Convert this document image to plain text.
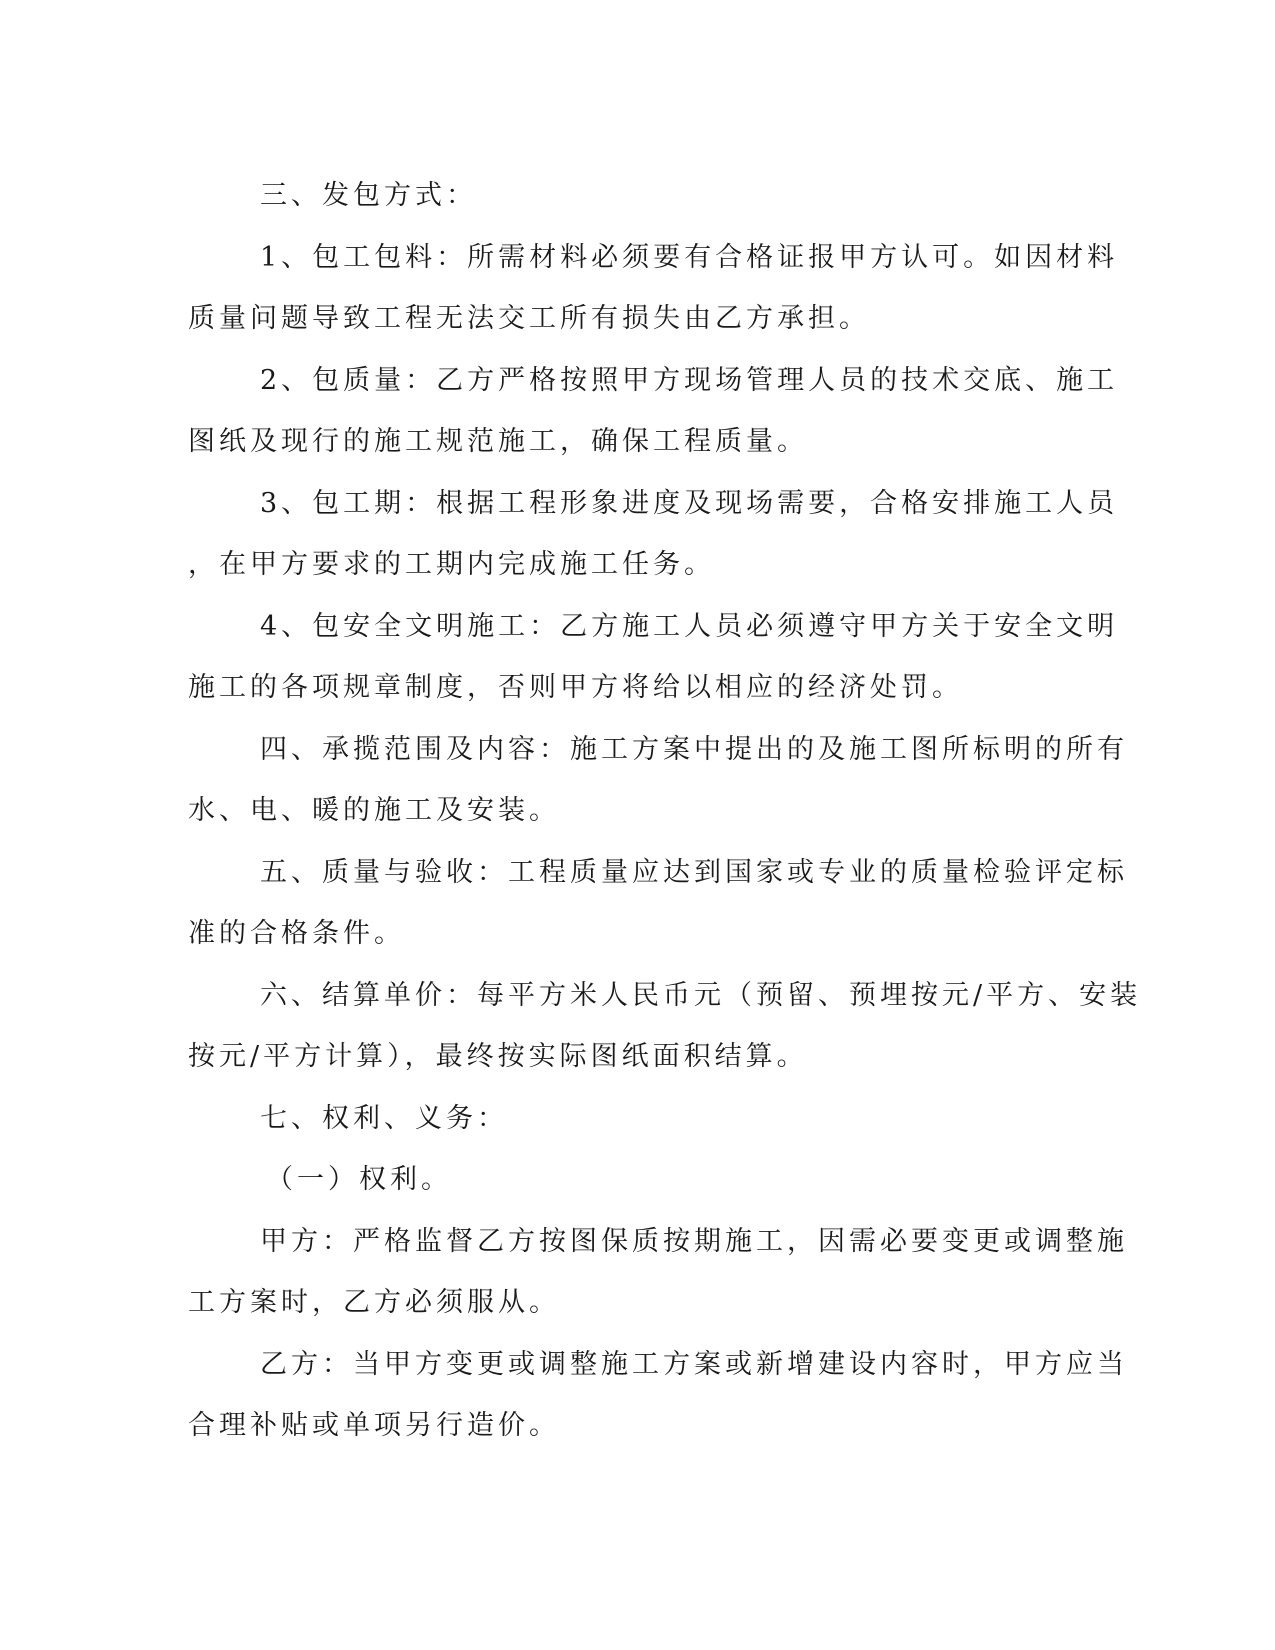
三、发包方式：
1、包工包料：所需材料必须要有合格证报甲方认可。如因材料
质量问题导致工程无法交工所有损失由乙方承担。
2、包质量：乙方严格按照甲方现场管理人员的技术交底、施工
图纸及现行的施工规范施工，确保工程质量。
3、包工期：根据工程形象进度及现场需要，合格安排施工人员
，在甲方要求的工期内完成施工任务。
4、包安全文明施工：乙方施工人员必须遵守甲方关于安全文明
施工的各项规章制度，否则甲方将给以相应的经济处罚。
四、承揽范围及内容：施工方案中提出的及施工图所标明的所有
水、电、暖的施工及安装。
五、质量与验收：工程质量应达到国家或专业的质量检验评定标
准的合格条件。
六、结算单价：每平方米人民币元（预留、预埋按元/平方、安装
按元/平方计算），最终按实际图纸面积结算。
七、权利、义务：
（一）权利。
甲方：严格监督乙方按图保质按期施工，因需必要变更或调整施
工方案时，乙方必须服从。
乙方：当甲方变更或调整施工方案或新增建设内容时，甲方应当
合理补贴或单项另行造价。
